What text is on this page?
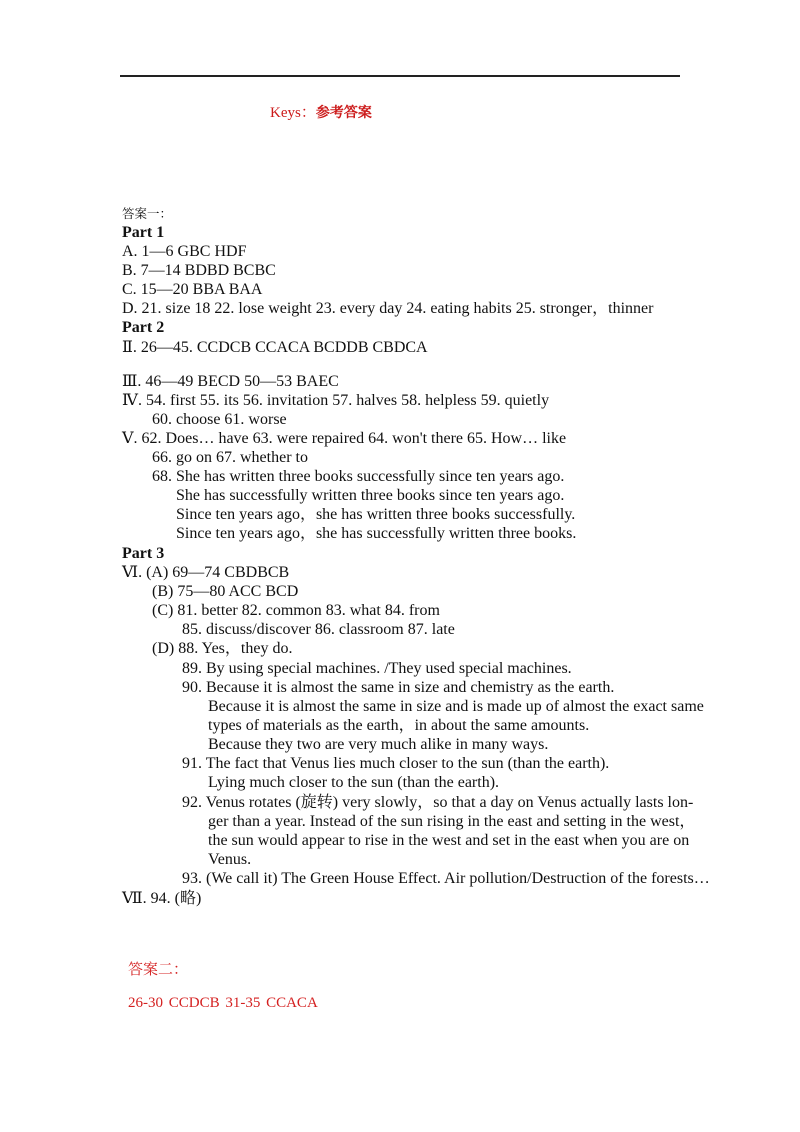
Keys：参考答案
答案一：
Part 1
A. 1—6 GBC HDF
B. 7—14 BDBD BCBC
C. 15—20 BBA BAA
D. 21. size 18 22. lose weight 23. every day 24. eating habits 25. stronger，thinner
Part 2
Ⅱ. 26—45. CCDCB CCACA BCDDB CBDCA
Ⅲ. 46—49 BECD 50—53 BAEC
Ⅳ. 54. first 55. its 56. invitation 57. halves 58. helpless 59. quietly
60. choose 61. worse
Ⅴ. 62. Does… have 63. were repaired 64. won't there 65. How… like
66. go on 67. whether to
68. She has written three books successfully since ten years ago.
She has successfully written three books since ten years ago.
Since ten years ago，she has written three books successfully.
Since ten years ago，she has successfully written three books.
Part 3
Ⅵ. (A) 69—74 CBDBCB
(B) 75—80 ACC BCD
(C) 81. better 82. common 83. what 84. from
85. discuss/discover 86. classroom 87. late
(D) 88. Yes，they do.
89. By using special machines. /They used special machines.
90. Because it is almost the same in size and chemistry as the earth.
Because it is almost the same in size and is made up of almost the exact same
types of materials as the earth，in about the same amounts.
Because they two are very much alike in many ways.
91. The fact that Venus lies much closer to the sun (than the earth).
Lying much closer to the sun (than the earth).
92. Venus rotates (旋转) very slowly，so that a day on Venus actually lasts lon-
ger than a year. Instead of the sun rising in the east and setting in the west，
the sun would appear to rise in the west and set in the east when you are on
Venus.
93. (We call it) The Green House Effect. Air pollution/Destruction of the forests…
Ⅶ. 94. (略)
答案二：
26-30 CCDCB 31-35 CCACA
